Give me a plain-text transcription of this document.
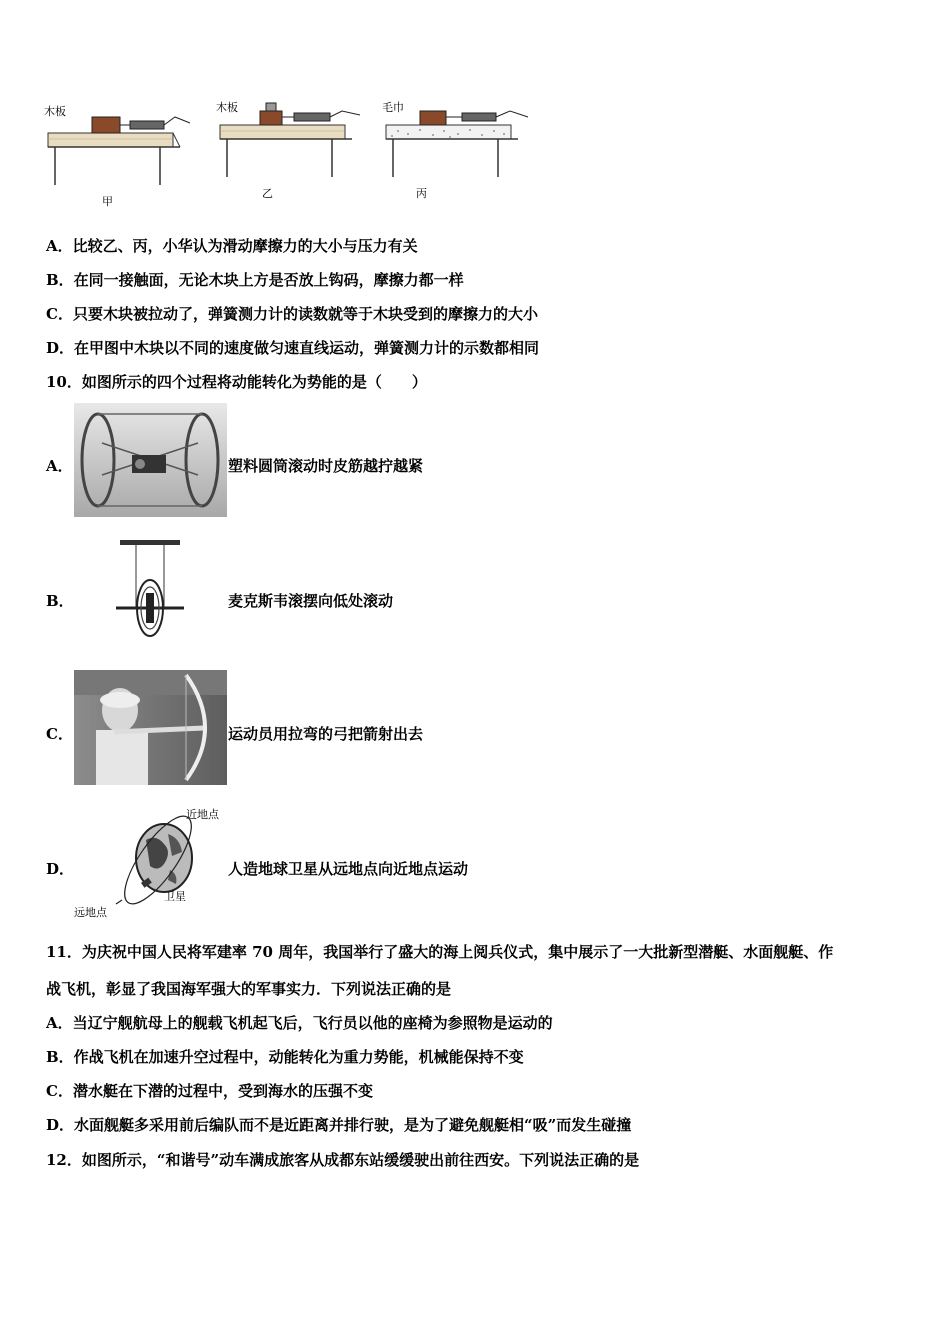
木板
甲
木板
乙
毛巾
丙
A．比较乙、丙，小华认为滑动摩擦力的大小与压力有关
B．在同一接触面，无论木块上方是否放上钩码，摩擦力都一样
C．只要木块被拉动了，弹簧测力计的读数就等于木块受到的摩擦力的大小
D．在甲图中木块以不同的速度做匀速直线运动，弹簧测力计的示数都相同
10．如图所示的四个过程将动能转化为势能的是（　　）
A．	塑料圆筒滚动时皮筋越拧越紧
B．	麦克斯韦滚摆向低处滚动
C．	运动员用拉弯的弓把箭射出去
D．
近地点
远地点
卫星
人造地球卫星从远地点向近地点运动
11．为庆祝中国人民将军建率 70 周年，我国举行了盛大的海上阅兵仪式，集中展示了一大批新型潜艇、水面舰艇、作
战飞机，彰显了我国海军强大的军事实力．下列说法正确的是
A．当辽宁舰航母上的舰载飞机起飞后，飞行员以他的座椅为参照物是运动的
B．作战飞机在加速升空过程中，动能转化为重力势能，机械能保持不变
C．潜水艇在下潜的过程中，受到海水的压强不变
D．水面舰艇多采用前后编队而不是近距离并排行驶，是为了避免舰艇相“吸”而发生碰撞
12．如图所示，“和谐号”动车满成旅客从成都东站缓缓驶出前往西安。下列说法正确的是
